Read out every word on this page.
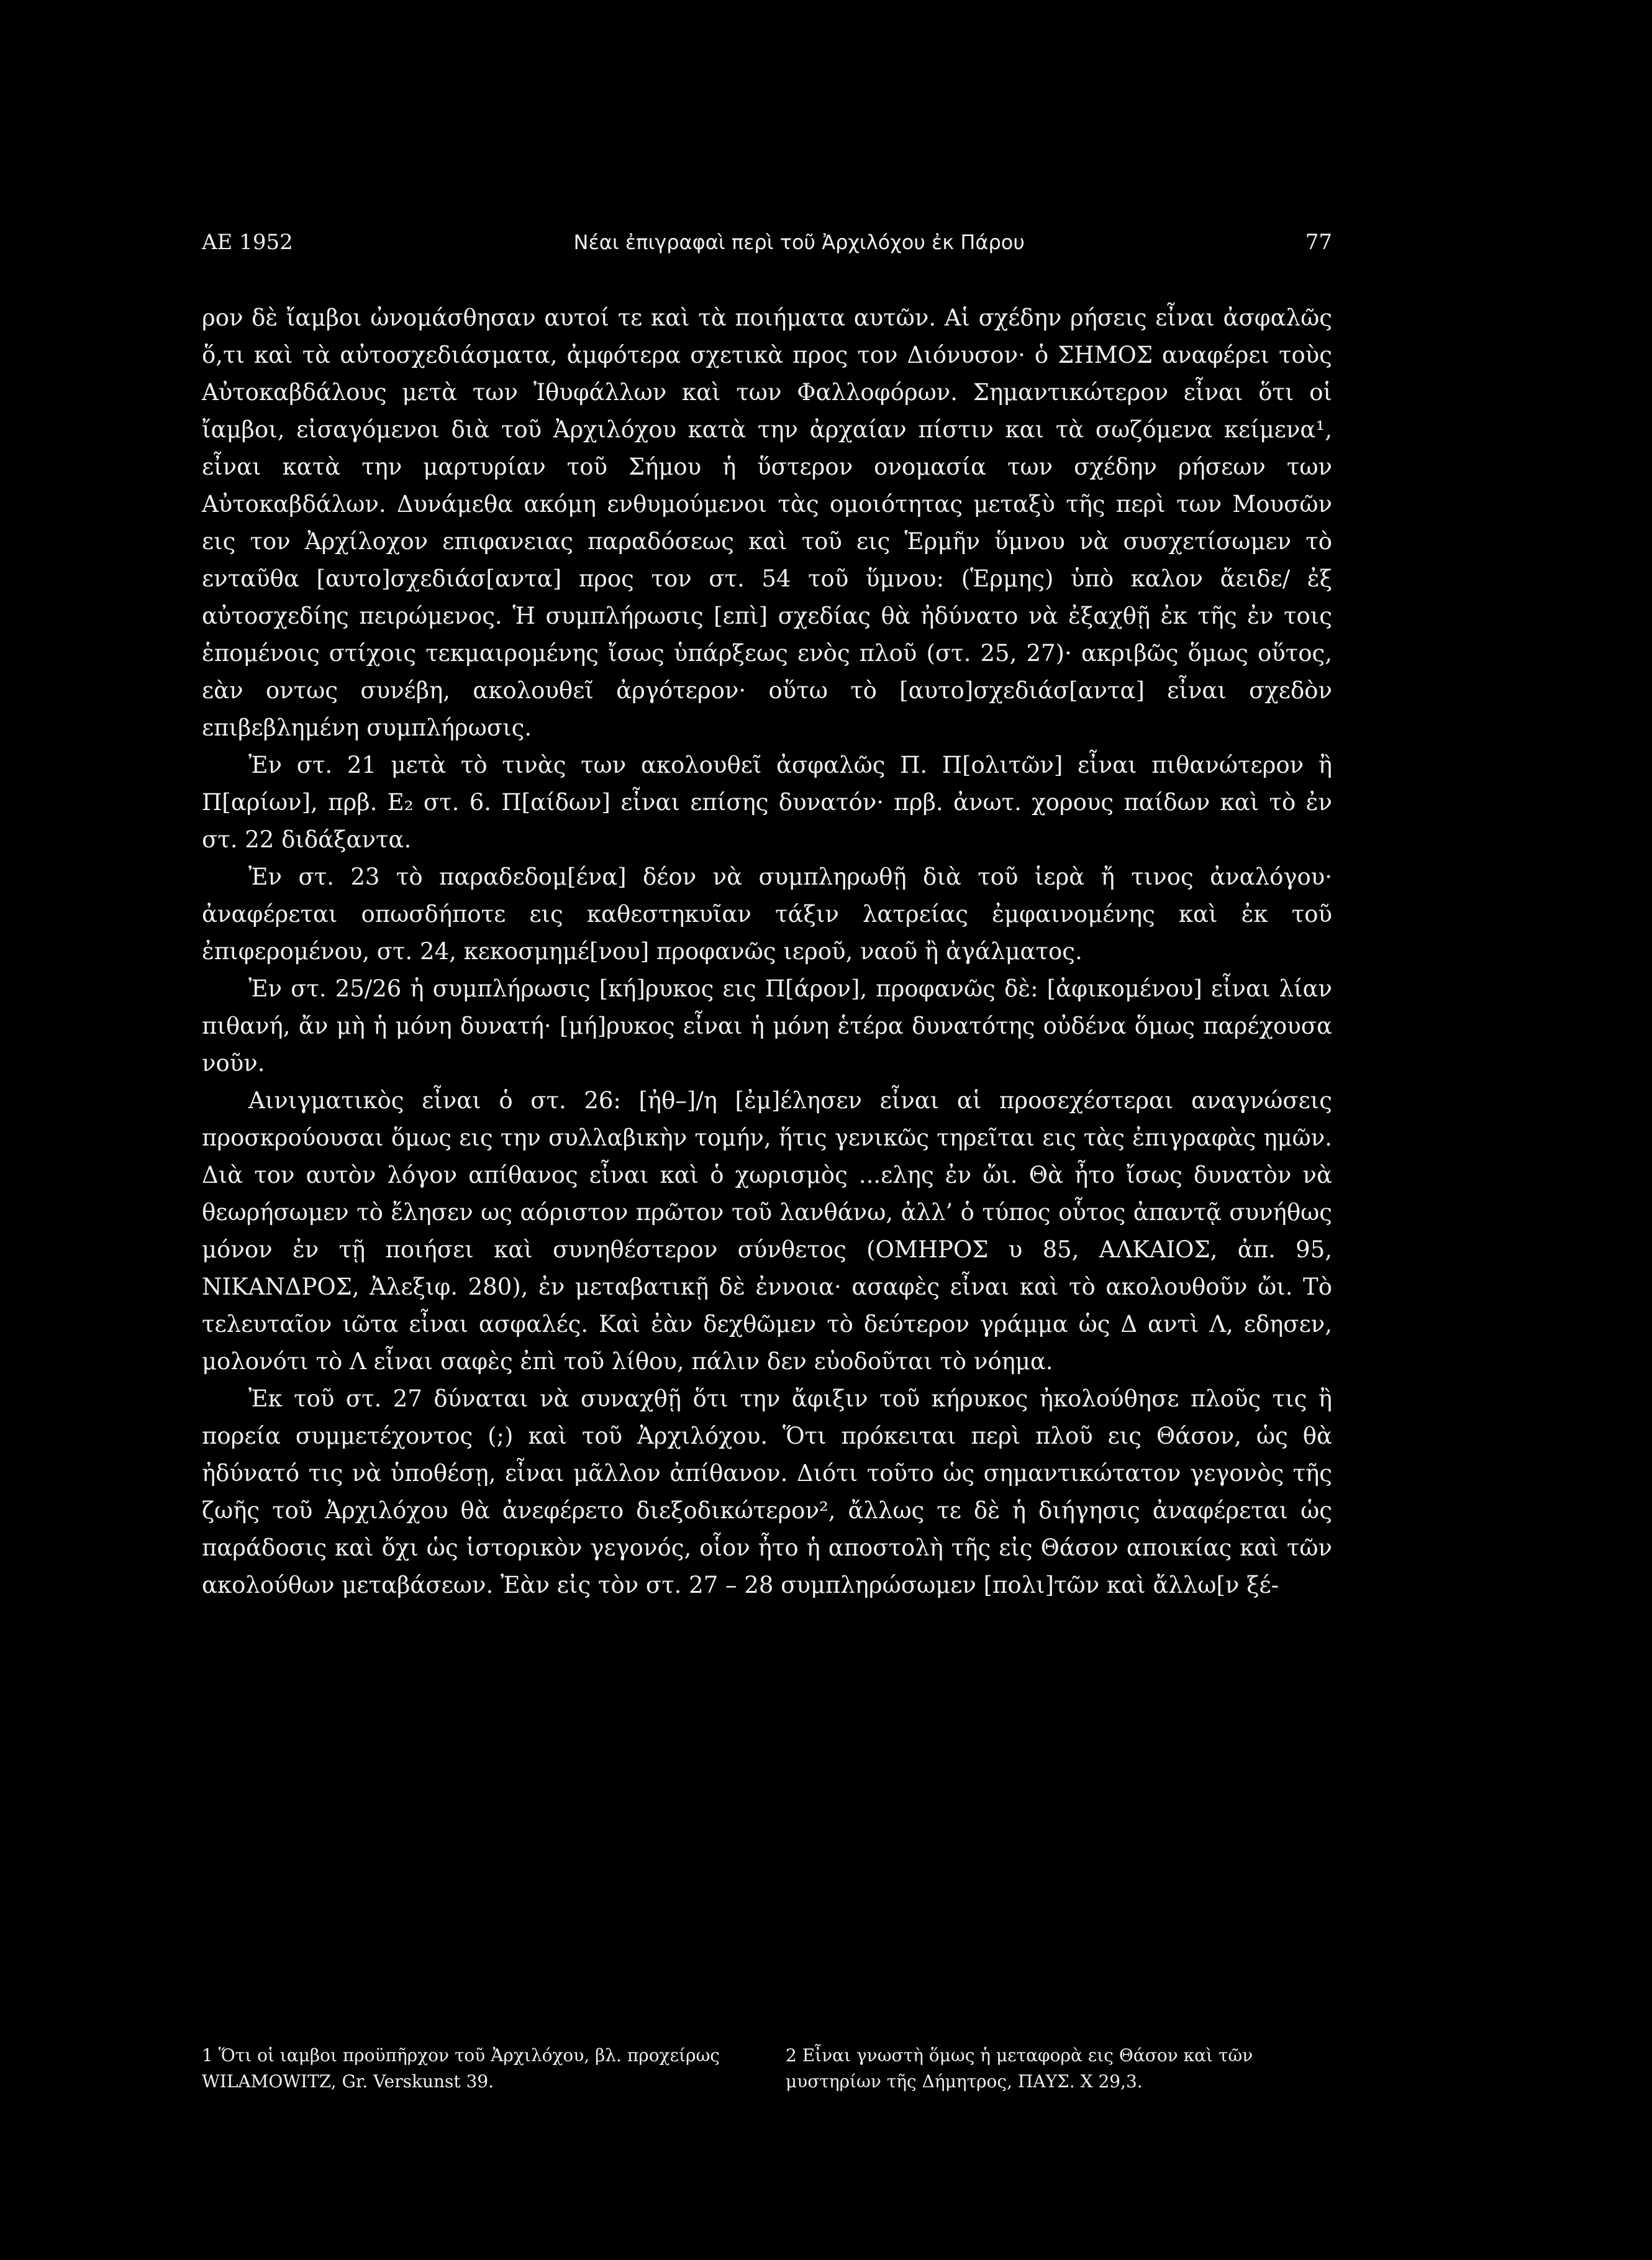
ΑΕ 1952	Νέαι ἐπιγραφαὶ περὶ τοῦ Ἀρχιλόχου ἐκ Πάρου	77

ρον δὲ ἴαμβοι ὠνομάσθησαν αυτοί τε καὶ τὰ ποιήματα αυτῶν. Αἱ σχέδην ρήσεις εἶναι ἀσφαλῶς ὅ,τι καὶ τὰ αὐτοσχεδιάσματα, ἀμφότερα σχετικὰ προς τον Διόνυσον· ὁ ΣΗΜΟΣ αναφέρει τοὺς Αὐτοκαβδάλους μετὰ των Ἰθυφάλλων καὶ των Φαλλοφόρων. Σημαντικώτερον εἶναι ὅτι οἱ ἴαμβοι, εἰσαγόμενοι διὰ τοῦ Ἀρχιλόχου κατὰ την ἀρχαίαν πίστιν και τὰ σωζόμενα κείμενα¹, εἶναι κατὰ την μαρτυρίαν τοῦ Σήμου ἡ ὕστερον ονομασία των σχέδην ρήσεων των Αὐτοκαβδάλων. Δυνάμεθα ακόμη ενθυμούμενοι τὰς ομοιότητας μεταξὺ τῆς περὶ των Μουσῶν εις τον Ἀρχίλοχον επιφανειας παραδόσεως καὶ τοῦ εις Ἑρμῆν ὕμνου νὰ συσχετίσωμεν τὸ ενταῦθα [αυτο]σχεδιάσ[αντα] προς τον στ. 54 τοῦ ὕμνου: (Ἑρμης) ὑπὸ καλον ἄειδε/ ἐξ αὐτοσχεδίης πειρώμενος. Ἡ συμπλήρωσις [επὶ] σχεδίας θὰ ἠδύνατο νὰ ἐξαχθῇ ἐκ τῆς ἐν τοις ἑπομένοις στίχοις τεκμαιρομένης ἴσως ὑπάρξεως ενὸς πλοῦ (στ. 25, 27)· ακριβῶς ὅμως οὕτος, εὰν οντως συνέβη, ακολουθεῖ ἀργότερον· οὕτω τὸ [αυτο]σχεδιάσ[αντα] εἶναι σχεδὸν επιβεβλημένη συμπλήρωσις.

Ἐν στ. 21 μετὰ τὸ τινὰς των ακολουθεῖ ἀσφαλῶς Π. Π[ολιτῶν] εἶναι πιθανώτερον ἢ Π[αρίων], πρβ. Ε₂ στ. 6. Π[αίδων] εἶναι επίσης δυνατόν· πρβ. ἀνωτ. χορους παίδων καὶ τὸ ἐν στ. 22 διδάξαντα.

Ἐν στ. 23 τὸ παραδεδομ[ένα] δέον νὰ συμπληρωθῇ διὰ τοῦ ἱερὰ ἤ τινος ἀναλόγου· ἀναφέρεται οπωσδήποτε εις καθεστηκυῖαν τάξιν λατρείας ἐμφαινομένης καὶ ἐκ τοῦ ἐπιφερομένου, στ. 24, κεκοσμημέ[νου] προφανῶς ιεροῦ, ναοῦ ἢ ἀγάλματος.

Ἐν στ. 25/26 ἡ συμπλήρωσις [κή]ρυκος εις Π[άρον], προφανῶς δὲ: [ἀφικομένου] εἶναι λίαν πιθανή, ἄν μὴ ἡ μόνη δυνατή· [μή]ρυκος εἶναι ἡ μόνη ἑτέρα δυνατότης οὐδένα ὅμως παρέχουσα νοῦν.

Αινιγματικὸς εἶναι ὁ στ. 26: [ἠθ–]/η [ἐμ]έλησεν εἶναι αἱ προσεχέστεραι αναγνώσεις προσκρούουσαι ὅμως εις την συλλαβικὴν τομήν, ἥτις γενικῶς τηρεῖται εις τὰς ἐπιγραφὰς ημῶν. Διὰ τον αυτὸν λόγον απίθανος εἶναι καὶ ὁ χωρισμὸς ...ελης ἐν ὤι. Θὰ ἦτο ἴσως δυνατὸν νὰ θεωρήσωμεν τὸ ἔλησεν ως αόριστον πρῶτον τοῦ λανθάνω, ἀλλ’ ὁ τύπος οὗτος ἀπαντᾷ συνήθως μόνον ἐν τῇ ποιήσει καὶ συνηθέστερον σύνθετος (ΟΜΗΡΟΣ υ 85, ΑΛΚΑΙΟΣ, ἀπ. 95, ΝΙΚΑΝΔΡΟΣ, Ἀλεξιφ. 280), ἐν μεταβατικῇ δὲ ἐννοια· ασαφὲς εἶναι καὶ τὸ ακολουθοῦν ὤι. Τὸ τελευταῖον ιῶτα εἶναι ασφαλές. Καὶ ἐὰν δεχθῶμεν τὸ δεύτερον γράμμα ὡς Δ αντὶ Λ, εδησεν, μολονότι τὸ Λ εἶναι σαφὲς ἐπὶ τοῦ λίθου, πάλιν δεν εὐοδοῦται τὸ νόημα.

Ἐκ τοῦ στ. 27 δύναται νὰ συναχθῇ ὅτι την ἄφιξιν τοῦ κήρυκος ἠκολούθησε πλοῦς τις ἢ πορεία συμμετέχοντος (;) καὶ τοῦ Ἀρχιλόχου. Ὅτι πρόκειται περὶ πλοῦ εις Θάσον, ὡς θὰ ἠδύνατό τις νὰ ὑποθέσῃ, εἶναι μᾶλλον ἀπίθανον. Διότι τοῦτο ὡς σημαντικώτατον γεγονὸς τῆς ζωῆς τοῦ Ἀρχιλόχου θὰ ἀνεφέρετο διεξοδικώτερον², ἄλλως τε δὲ ἡ διήγησις ἀναφέρεται ὡς παράδοσις καὶ ὄχι ὡς ἱστορικὸν γεγονός, οἷον ἦτο ἡ αποστολὴ τῆς εἰς Θάσον αποικίας καὶ τῶν ακολούθων μεταβάσεων. Ἐὰν εἰς τὸν στ. 27 – 28 συμπληρώσωμεν [πολι]τῶν καὶ ἄλλω[ν ξέ-

1 Ὅτι οἱ ιαμβοι προϋπῆρχον τοῦ Ἀρχιλόχου, βλ. προχείρως WILAMOWITZ, Gr. Verskunst 39.
2 Εἶναι γνωστὴ ὅμως ἡ μεταφορὰ εις Θάσον καὶ τῶν μυστηρίων τῆς Δήμητρος, ΠΑΥΣ. Χ 29,3.
